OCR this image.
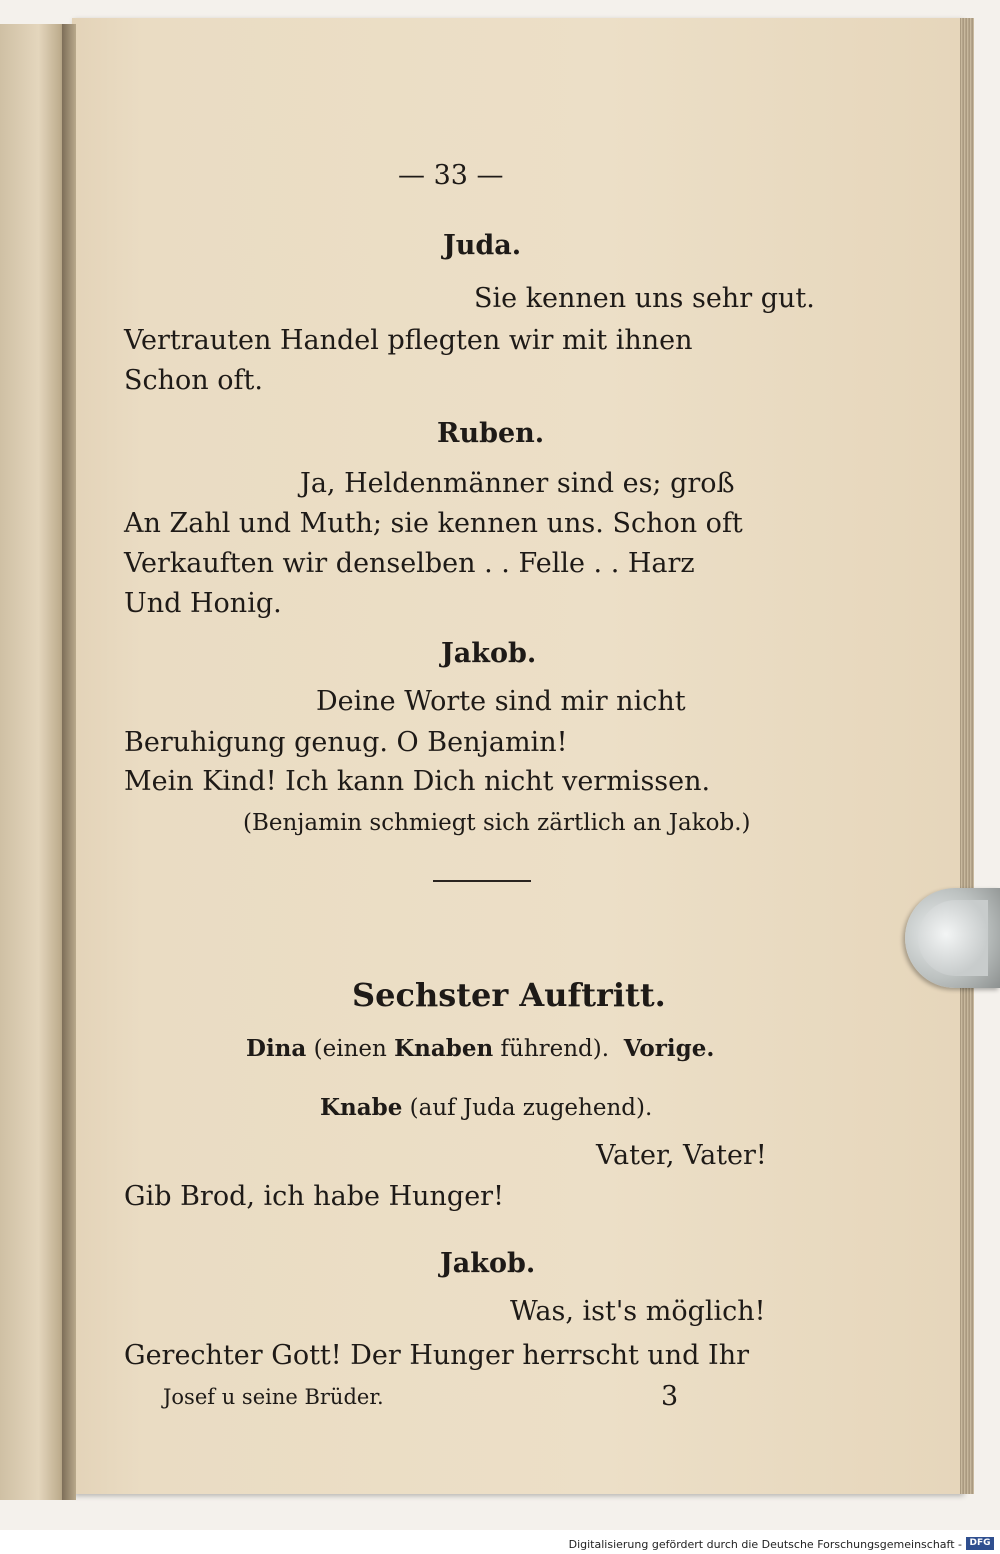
— 33 —
Juda.
Sie kennen uns sehr gut.
Vertrauten Handel pflegten wir mit ihnen
Schon oft.
Ruben.
Ja, Heldenmänner sind es; groß
An Zahl und Muth; sie kennen uns. Schon oft
Verkauften wir denselben . . Felle . . Harz
Und Honig.
Jakob.
Deine Worte sind mir nicht
Beruhigung genug. O Benjamin!
Mein Kind! Ich kann Dich nicht vermissen.
(Benjamin schmiegt sich zärtlich an Jakob.)
Sechster Auftritt.
Dina (einen Knaben führend). Vorige.
Knabe (auf Juda zugehend).
Vater, Vater!
Gib Brod, ich habe Hunger!
Jakob.
Was, ist's möglich!
Gerechter Gott! Der Hunger herrscht und Ihr
Josef u seine Brüder.	3
Digitalisierung gefördert durch die Deutsche Forschungsgemeinschaft - DFG
